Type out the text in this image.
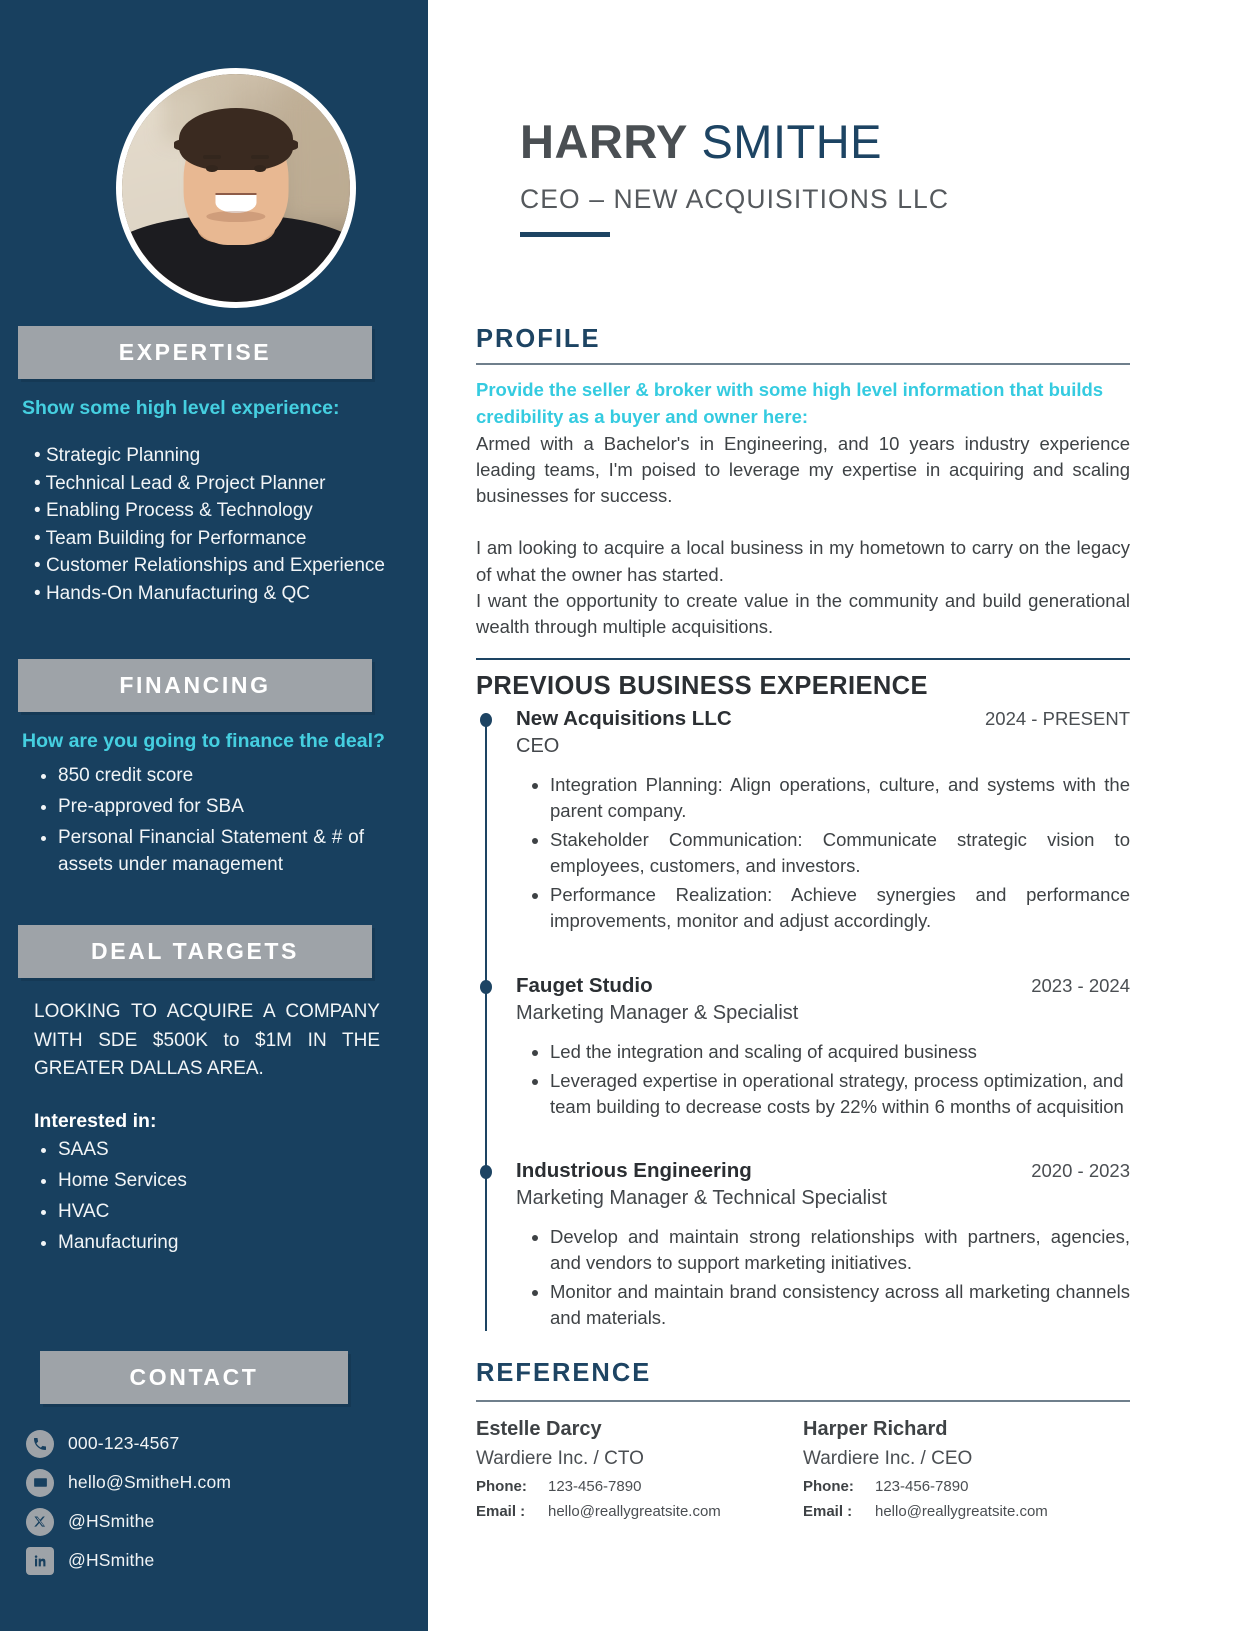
EXPERTISE
Show some high level experience:
• Strategic Planning
• Technical Lead & Project Planner
• Enabling Process & Technology
• Team Building for Performance
• Customer Relationships and Experience
• Hands-On Manufacturing & QC
FINANCING
How are you going to finance the deal?
• 850 credit score
• Pre-approved for SBA
• Personal Financial Statement & # of assets under management
DEAL TARGETS
LOOKING TO ACQUIRE A COMPANY WITH SDE $500K to $1M IN THE GREATER DALLAS AREA.
Interested in:
• SAAS
• Home Services
• HVAC
• Manufacturing
CONTACT
000-123-4567
hello@SmitheH.com
@HSmithe
@HSmithe
HARRY SMITHE
CEO – NEW ACQUISITIONS LLC
PROFILE
Provide the seller & broker with some high level information that builds credibility as a buyer and owner here:
Armed with a Bachelor's in Engineering, and 10 years industry experience leading teams, I'm poised to leverage my expertise in acquiring and scaling businesses for success.
I am looking to acquire a local business in my hometown to carry on the legacy of what the owner has started.
I want the opportunity to create value in the community and build generational wealth through multiple acquisitions.
PREVIOUS BUSINESS EXPERIENCE
New Acquisitions LLC	2024 - PRESENT
CEO
• Integration Planning: Align operations, culture, and systems with the parent company.
• Stakeholder Communication: Communicate strategic vision to employees, customers, and investors.
• Performance Realization: Achieve synergies and performance improvements, monitor and adjust accordingly.
Fauget Studio	2023 - 2024
Marketing Manager & Specialist
• Led the integration and scaling of acquired business
• Leveraged expertise in operational strategy, process optimization, and team building to decrease costs by 22% within 6 months of acquisition
Industrious Engineering	2020 - 2023
Marketing Manager & Technical Specialist
• Develop and maintain strong relationships with partners, agencies, and vendors to support marketing initiatives.
• Monitor and maintain brand consistency across all marketing channels and materials.
REFERENCE
Estelle Darcy
Wardiere Inc. / CTO
Phone:	123-456-7890
Email :	hello@reallygreatsite.com
Harper Richard
Wardiere Inc. / CEO
Phone:	123-456-7890
Email :	hello@reallygreatsite.com
